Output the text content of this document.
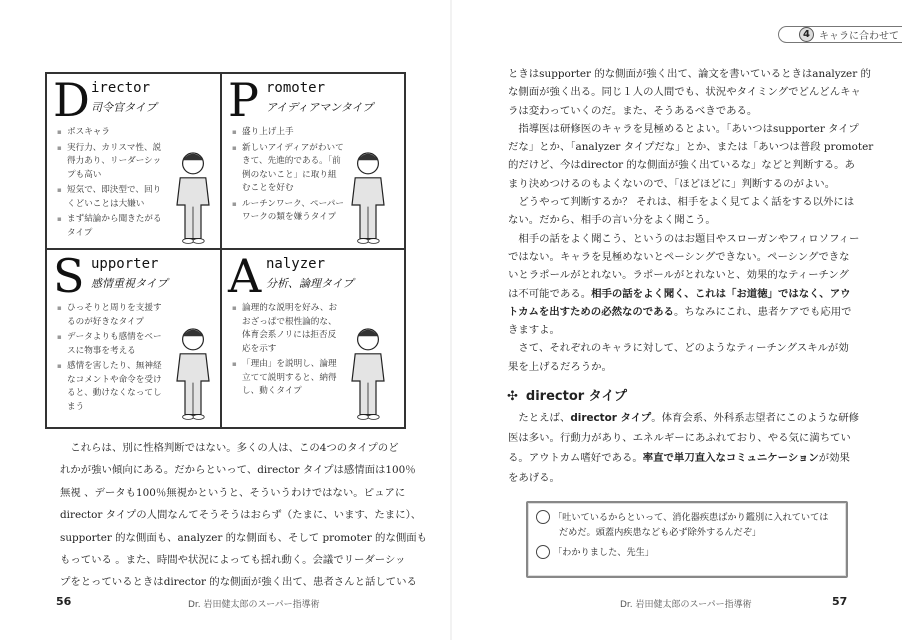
4 キャラに合わせて
D irector
司令官タイプ
▪ ボスキャラ
▪ 実行力、カリスマ性、説得力あり、リーダーシップも高い
▪ 短気で、即決型で、回りくどいことは大嫌い
▪ まず結論から聞きたがるタイプ
P romoter
アイディアマンタイプ
▪ 盛り上げ上手
▪ 新しいアイディアがわいてきて、先進的である。「前例のないこと」に取り組むことを好む
▪ ルーチンワーク、ペーパーワークの類を嫌うタイプ
S upporter
感情重視タイプ
▪ ひっそりと周りを支援するのが好きなタイプ
▪ データよりも感情をベースに物事を考える
▪ 感情を害したり、無神経なコメントや命令を受けると、動けなくなってしまう
A nalyzer
分析、論理タイプ
▪ 論理的な説明を好み、おおざっぱで根性論的な、体育会系ノリには拒否反応を示す
▪ 「理由」を説明し、論理立てて説明すると、納得し、動くタイプ
　これらは、別に性格判断ではない。多くの人は、この4つのタイプのど
れかが強い傾向にある。だからといって、director タイプは感情面は100％
無視 、データも100％無視かというと、そういうわけではない。ピュアに
director タイプの人間なんてそうそうはおらず（たまに、います、たまに）、
supporter 的な側面も、analyzer 的な側面も、そして promoter 的な側面も
もっている 。また、時間や状況によっても揺れ動く。会議でリーダーシッ
プをとっているときはdirector 的な側面が強く出て、患者さんと話している
ときはsupporter 的な側面が強く出て、論文を書いているときはanalyzer 的
な側面が強く出る。同じ１人の人間でも、状況やタイミングでどんどんキャ
ラは変わっていくのだ。また、そうあるべきである。
　指導医は研修医のキャラを見極めるとよい。「あいつはsupporter タイプ
だな」とか、「analyzer タイプだな」とか、または「あいつは普段 promoter
的だけど、今はdirector 的な側面が強く出ているな」などと判断する。あ
まり決めつけるのもよくないので、「ほどほどに」判断するのがよい。
　どうやって判断するか？ それは、相手をよく見てよく話をする以外には
ない。だから、相手の言い分をよく聞こう。
　相手の話をよく聞こう、というのはお題目やスローガンやフィロソフィー
ではない。キャラを見極めないとペーシングできない。ペーシングできな
いとラポールがとれない。ラポールがとれないと、効果的なティーチング
は不可能である。相手の話をよく聞く、これは「お道徳」ではなく、アウ
トカムを出すための必然なのである。ちなみにこれ、患者ケアでも応用で
きますよ。
　さて、それぞれのキャラに対して、どのようなティーチングスキルが効
果を上げるだろうか。
✣ director タイプ
　たとえば、director タイプ。体育会系、外科系志望者にこのような研修
医は多い。行動力があり、エネルギーにあふれており、やる気に満ちてい
る。アウトカム嗜好である。率直で単刀直入なコミュニケーションが効果
をあげる。
「吐いているからといって、消化器疾患ばかり鑑別に入れていては
だめだ。頭蓋内疾患なども必ず除外するんだぞ」
「わかりました、先生」
56	Dr. 岩田健太郎のスーパー指導術	Dr. 岩田健太郎のスーパー指導術	57
